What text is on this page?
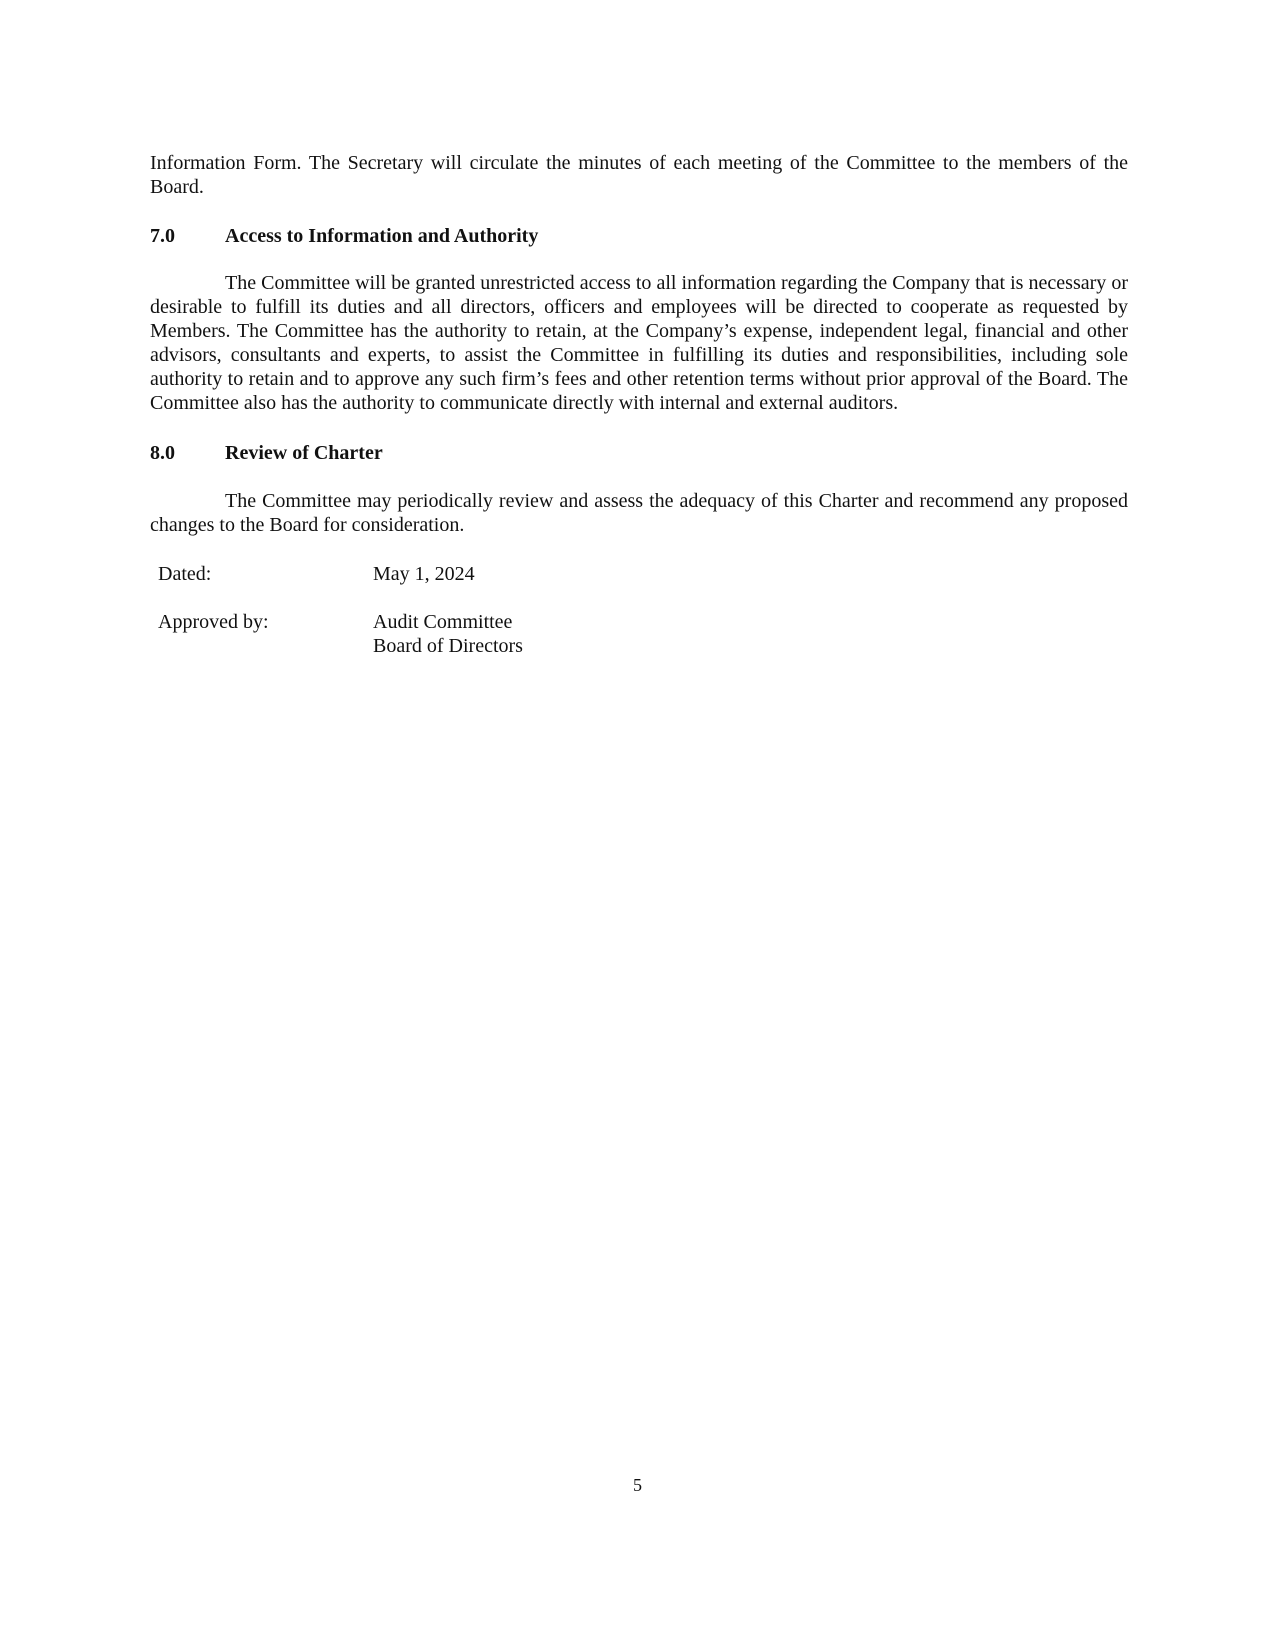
Information Form. The Secretary will circulate the minutes of each meeting of the Committee to the members of the Board.
7.0	Access to Information and Authority
The Committee will be granted unrestricted access to all information regarding the Company that is necessary or desirable to fulfill its duties and all directors, officers and employees will be directed to cooperate as requested by Members. The Committee has the authority to retain, at the Company’s expense, independent legal, financial and other advisors, consultants and experts, to assist the Committee in fulfilling its duties and responsibilities, including sole authority to retain and to approve any such firm’s fees and other retention terms without prior approval of the Board. The Committee also has the authority to communicate directly with internal and external auditors.
8.0	Review of Charter
The Committee may periodically review and assess the adequacy of this Charter and recommend any proposed changes to the Board for consideration.
Dated:	May 1, 2024
Approved by:	Audit Committee
Board of Directors
5
